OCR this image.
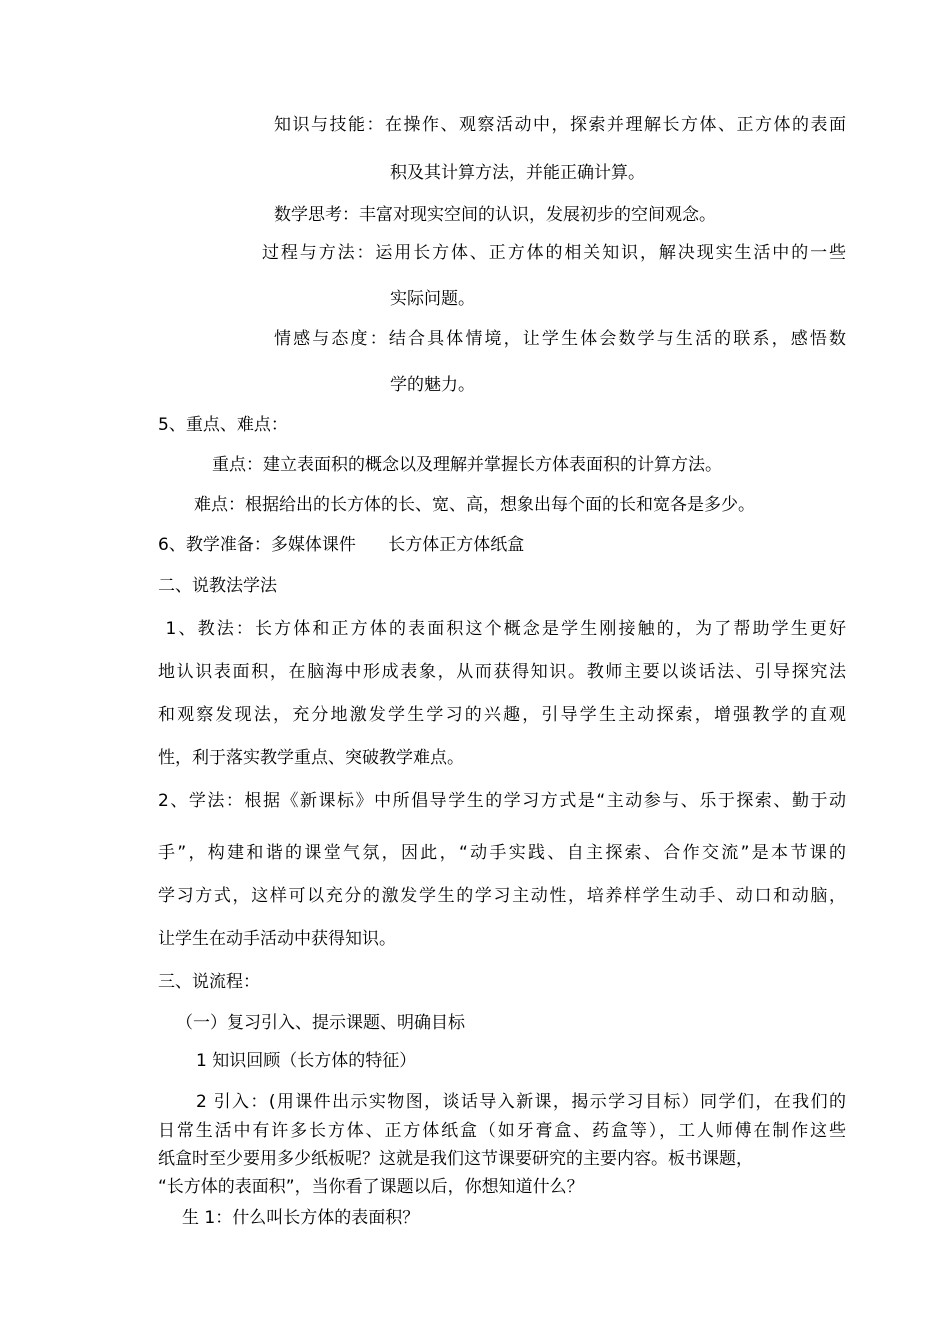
知识与技能：在操作、观察活动中，探索并理解长方体、正方体的表面
积及其计算方法，并能正确计算。
数学思考：丰富对现实空间的认识，发展初步的空间观念。
过程与方法：运用长方体、正方体的相关知识，解决现实生活中的一些
实际问题。
情感与态度：结合具体情境，让学生体会数学与生活的联系，感悟数
学的魅力。
5、重点、难点：
重点：建立表面积的概念以及理解并掌握长方体表面积的计算方法。
难点：根据给出的长方体的长、宽、高，想象出每个面的长和宽各是多少。
6、教学准备：多媒体课件      长方体正方体纸盒
二、说教法学法
1、教法：长方体和正方体的表面积这个概念是学生刚接触的，为了帮助学生更好
地认识表面积，在脑海中形成表象，从而获得知识。教师主要以谈话法、引导探究法
和观察发现法，充分地激发学生学习的兴趣，引导学生主动探索，增强教学的直观
性，利于落实教学重点、突破教学难点。
2、学法：根据《新课标》中所倡导学生的学习方式是“主动参与、乐于探索、勤于动
手”，构建和谐的课堂气氛，因此，“动手实践、自主探索、合作交流”是本节课的
学习方式，这样可以充分的激发学生的学习主动性，培养样学生动手、动口和动脑，
让学生在动手活动中获得知识。
三、说流程：
（一）复习引入、提示课题、明确目标
1 知识回顾（长方体的特征）
2 引入：(用课件出示实物图，谈话导入新课，揭示学习目标）同学们，在我们的
日常生活中有许多长方体、正方体纸盒（如牙膏盒、药盒等），工人师傅在制作这些
纸盒时至少要用多少纸板呢？这就是我们这节课要研究的主要内容。板书课题，
“长方体的表面积”，当你看了课题以后，你想知道什么？
生 1：什么叫长方体的表面积？
